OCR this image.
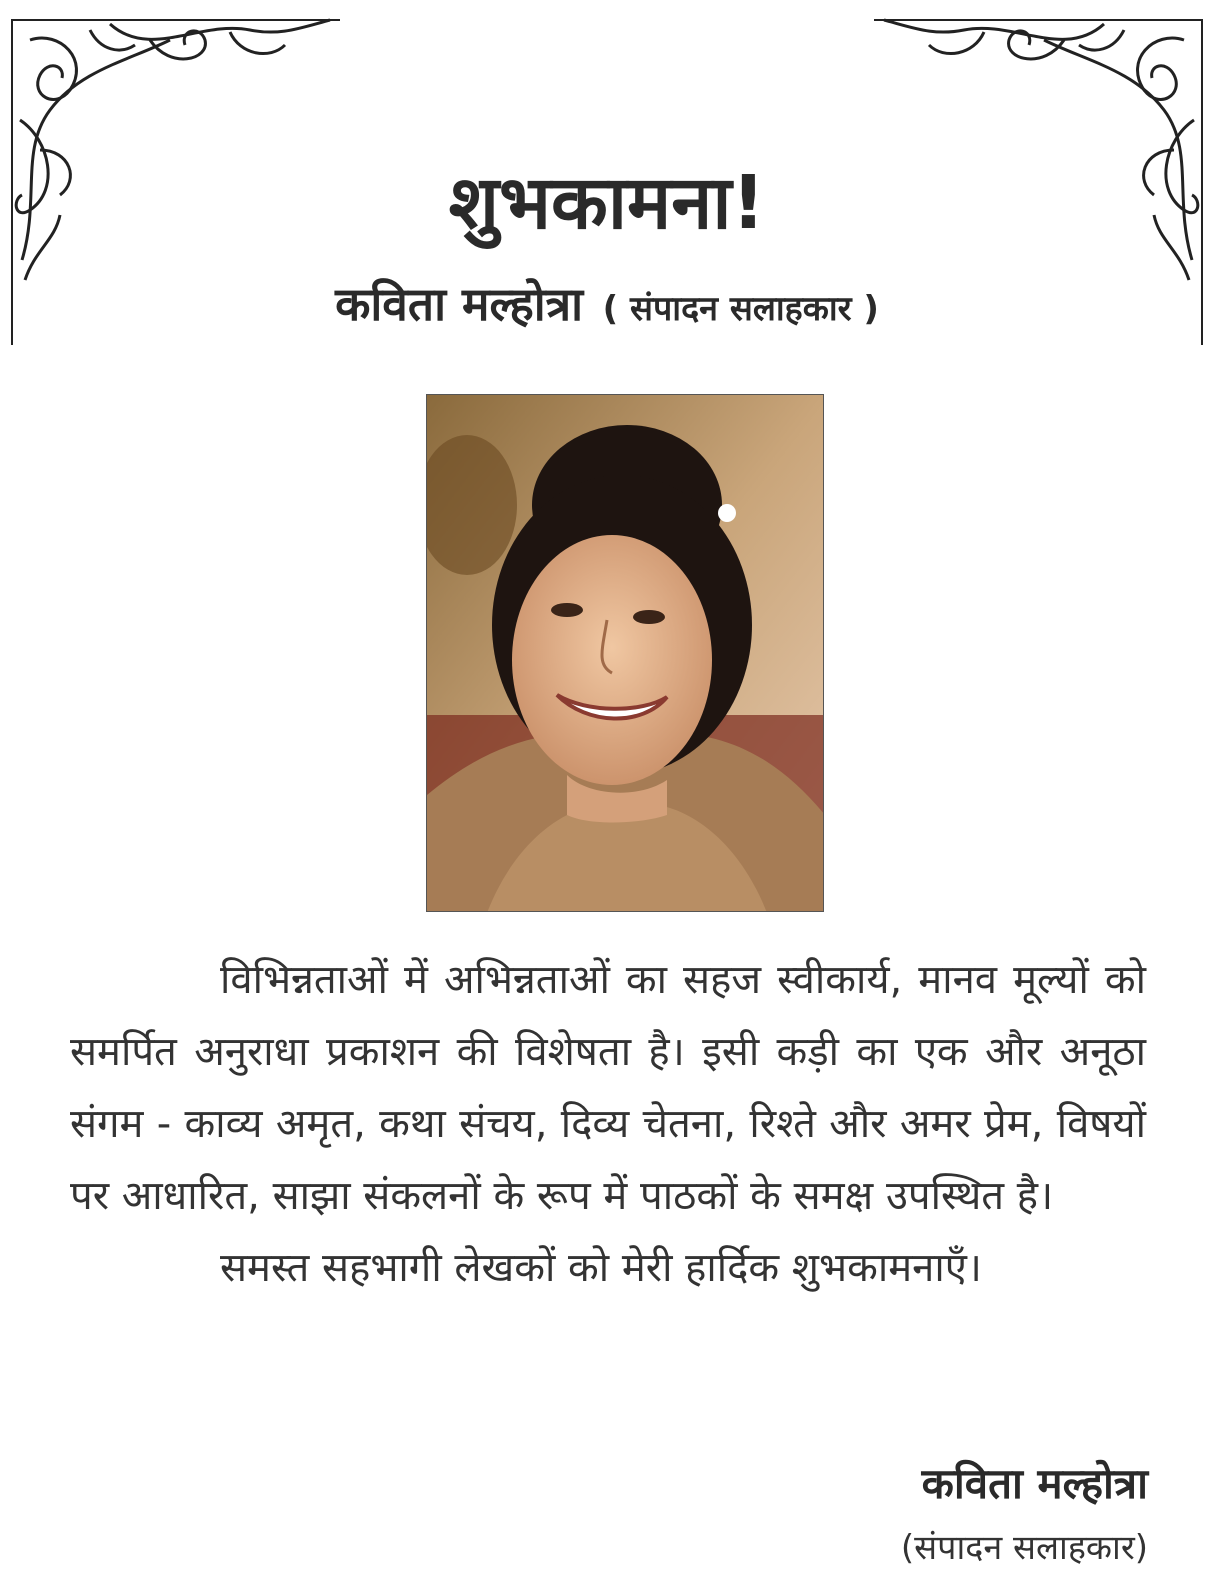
शुभकामना!
कविता मल्होत्रा ( संपादन सलाहकार )

विभिन्नताओं में अभिन्नताओं का सहज स्वीकार्य, मानव मूल्यों को समर्पित अनुराधा प्रकाशन की विशेषता है। इसी कड़ी का एक और अनूठा संगम - काव्य अमृत, कथा संचय, दिव्य चेतना, रिश्ते और अमर प्रेम, विषयों पर आधारित, साझा संकलनों के रूप में पाठकों के समक्ष उपस्थित है।

समस्त सहभागी लेखकों को मेरी हार्दिक शुभकामनाएँ।

कविता मल्होत्रा
(संपादन सलाहकार)
